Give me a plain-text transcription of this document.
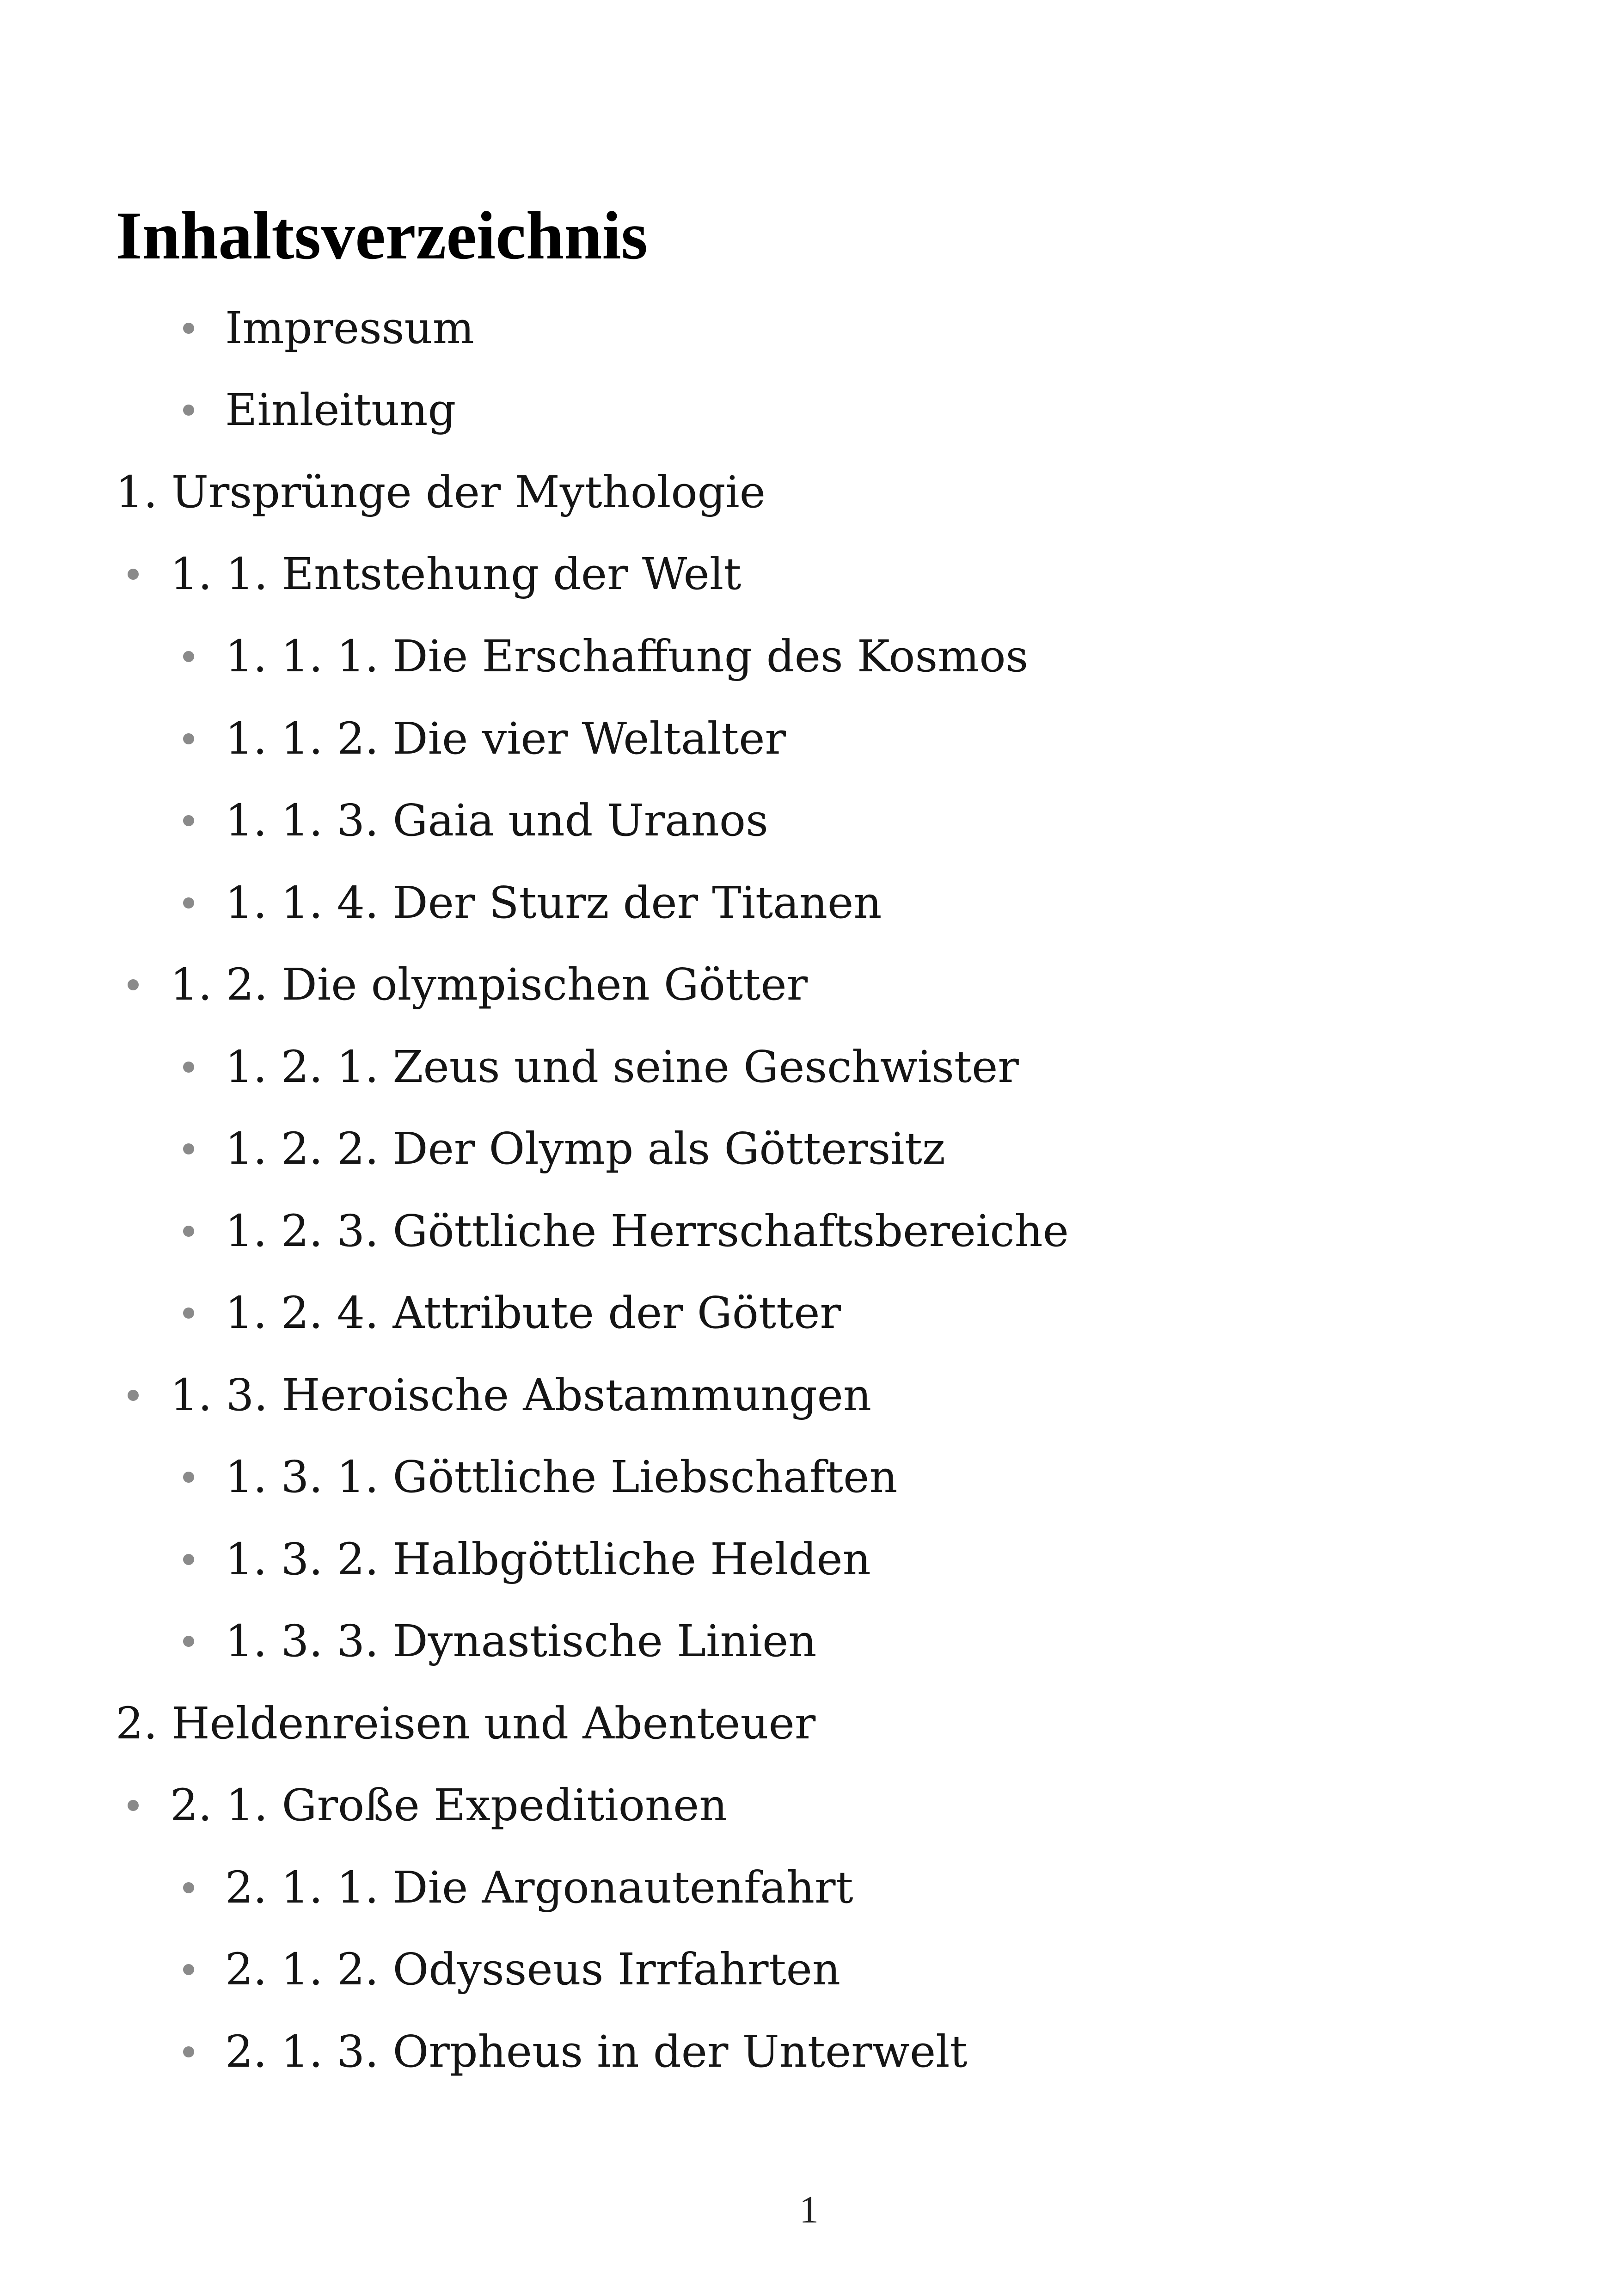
Inhaltsverzeichnis
Impressum
Einleitung
1. Ursprünge der Mythologie
1. 1. Entstehung der Welt
1. 1. 1. Die Erschaffung des Kosmos
1. 1. 2. Die vier Weltalter
1. 1. 3. Gaia und Uranos
1. 1. 4. Der Sturz der Titanen
1. 2. Die olympischen Götter
1. 2. 1. Zeus und seine Geschwister
1. 2. 2. Der Olymp als Göttersitz
1. 2. 3. Göttliche Herrschaftsbereiche
1. 2. 4. Attribute der Götter
1. 3. Heroische Abstammungen
1. 3. 1. Göttliche Liebschaften
1. 3. 2. Halbgöttliche Helden
1. 3. 3. Dynastische Linien
2. Heldenreisen und Abenteuer
2. 1. Große Expeditionen
2. 1. 1. Die Argonautenfahrt
2. 1. 2. Odysseus Irrfahrten
2. 1. 3. Orpheus in der Unterwelt
1
